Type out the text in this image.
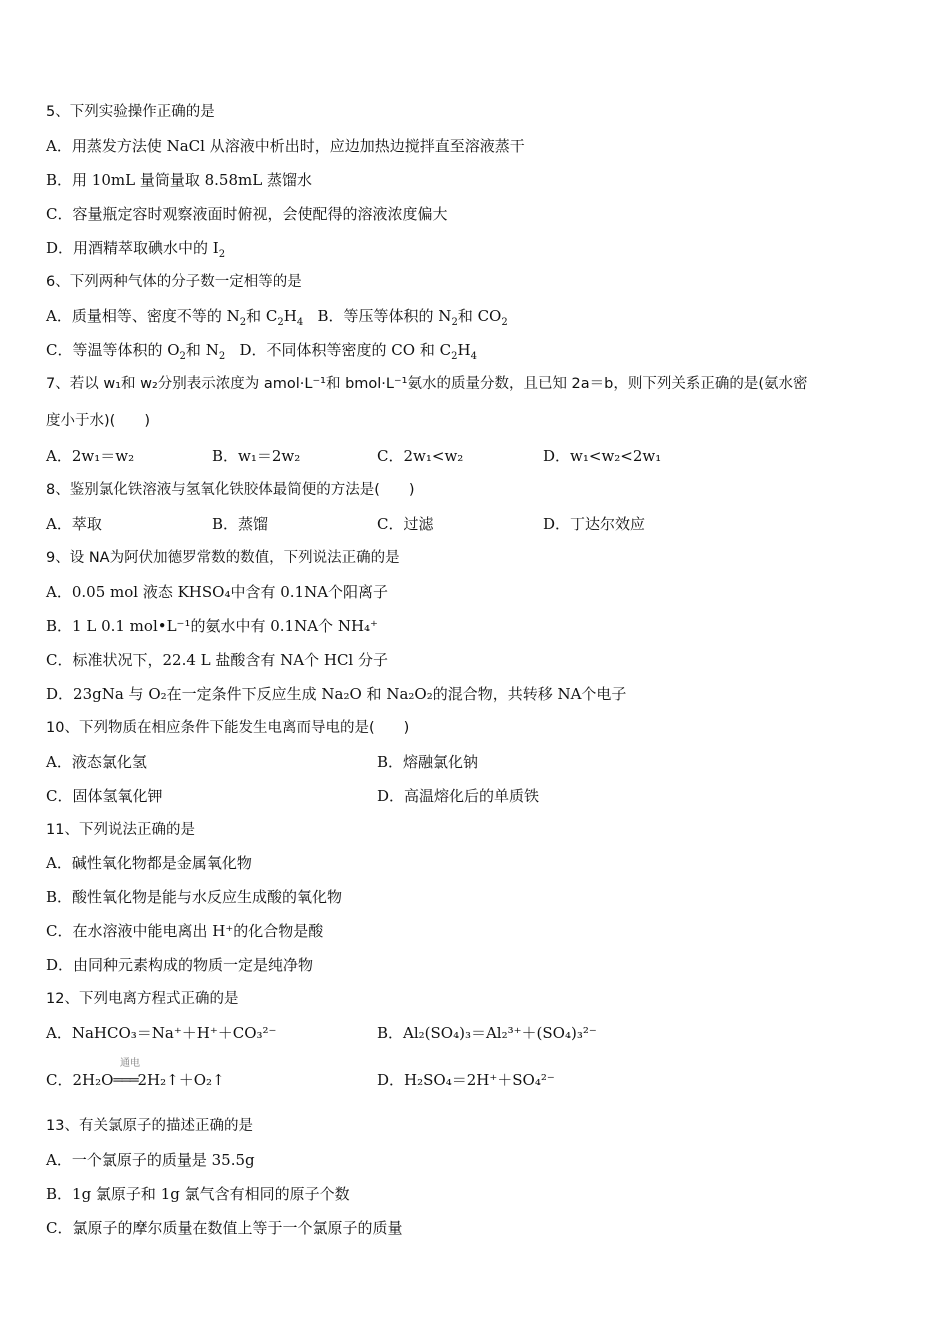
5、下列实验操作正确的是
A．用蒸发方法使 NaCl 从溶液中析出时，应边加热边搅拌直至溶液蒸干
B．用 10mL 量筒量取 8.58mL 蒸馏水
C．容量瓶定容时观察液面时俯视，会使配得的溶液浓度偏大
D．用酒精萃取碘水中的 $I_2$
6、下列两种气体的分子数一定相等的是
A．质量相等、密度不等的 $N_2$和 $C_2H_4$ B．等压等体积的 $N_2$和 $CO_2$
C．等温等体积的 $O_2$和 $N_2$ D．不同体积等密度的 CO 和 $C_2H_4$
7、若以 w₁和 w₂分别表示浓度为 amol·L⁻¹和 bmol·L⁻¹氨水的质量分数，且已知 2a＝b，则下列关系正确的是(氨水密
度小于水)(　　)
A．2w₁＝w₂	B．w₁＝2w₂	C．2w₁<w₂	D．w₁<w₂<2w₁
8、鉴别氯化铁溶液与氢氧化铁胶体最简便的方法是(　　)
A．萃取	B．蒸馏	C．过滤	D．丁达尔效应
9、设 NA为阿伏加德罗常数的数值，下列说法正确的是
A．0.05 mol 液态 KHSO₄中含有 0.1NA个阳离子
B．1 L 0.1 mol•L⁻¹的氨水中有 0.1NA个 NH₄⁺
C．标准状况下，22.4 L 盐酸含有 NA个 HCl 分子
D．23gNa 与 O₂在一定条件下反应生成 Na₂O 和 Na₂O₂的混合物，共转移 NA个电子
10、下列物质在相应条件下能发生电离而导电的是(　　)
A．液态氯化氢	B．熔融氯化钠
C．固体氢氧化钾	D．高温熔化后的单质铁
11、下列说法正确的是
A．碱性氧化物都是金属氧化物
B．酸性氧化物是能与水反应生成酸的氧化物
C．在水溶液中能电离出 H⁺的化合物是酸
D．由同种元素构成的物质一定是纯净物
12、下列电离方程式正确的是
A．NaHCO₃＝Na⁺＋H⁺＋CO₃²⁻	B．Al₂(SO₄)₃＝Al₂³⁺＋(SO₄)₃²⁻
通电
C．2H₂O═══2H₂↑＋O₂↑	D．H₂SO₄＝2H⁺＋SO₄²⁻
13、有关氯原子的描述正确的是
A．一个氯原子的质量是 35.5g
B．1g 氯原子和 1g 氯气含有相同的原子个数
C．氯原子的摩尔质量在数值上等于一个氯原子的质量
